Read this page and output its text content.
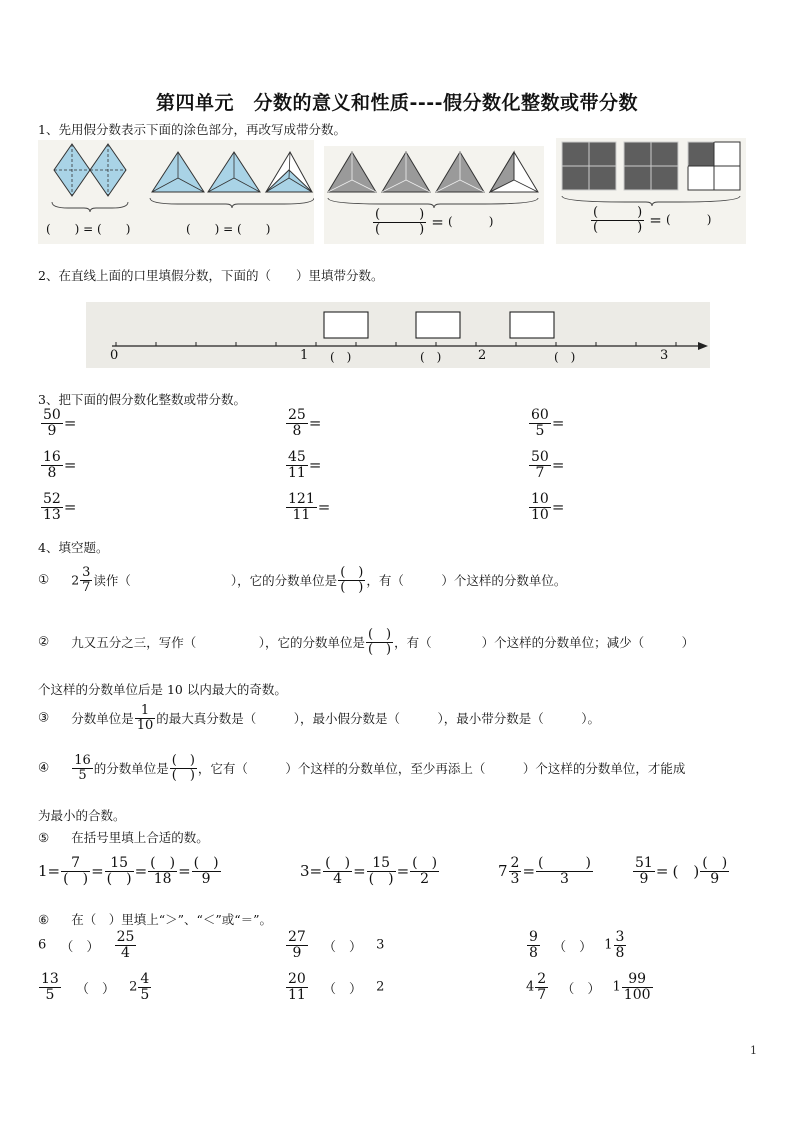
第四单元　分数的意义和性质----假分数化整数或带分数
1、先用假分数表示下面的涂色部分，再改写成带分数。
(　　) = (　　)	(　　) = (　　)	$\frac{( )}{( )}$ = (　　　)	$\frac{( )}{( )}$ = (　　　)
2、在直线上面的口里填假分数，下面的（　　）里填带分数。
0	1	2	3
(　)	(　)	(　)
3、把下面的假分数化整数或带分数。
$\frac{50}{9}$ =	$\frac{25}{8}$ =	$\frac{60}{5}$ =
$\frac{16}{8}$ =	$\frac{45}{11}$ =	$\frac{50}{7}$ =
$\frac{52}{13}$ =	$\frac{121}{11}$ =	$\frac{10}{10}$ =
4、填空题。
① $2 \frac{3}{7}$ 读作（　　　　　　　　），它的分数单位是 $\frac{( )}{( )}$ ，有（　　　）个这样的分数单位。
② 九又五分之三，写作（　　　　　），它的分数单位是 $\frac{( )}{( )}$ ，有（　　　　）个这样的分数单位；减少（　　　）
个这样的分数单位后是 10 以内最大的奇数。
③ 分数单位是 $\frac{1}{10}$ 的最大真分数是（　　　），最小假分数是（　　　），最小带分数是（　　　）。
④ $\frac{16}{5}$ 的分数单位是 $\frac{( )}{( )}$ ，它有（　　　）个这样的分数单位，至少再添上（　　　）个这样的分数单位，才能成
为最小的合数。
⑤ 在括号里填上合适的数。
$1= \frac{7}{( )} = \frac{15}{( )} = \frac{( )}{18} = \frac{( )}{9}$	$3= \frac{( )}{4} = \frac{15}{( )} = \frac{( )}{2}$	$7 \frac{2}{3} = \frac{( )}{3}$	$\frac{51}{9}$ = (　) $\frac{( )}{9}$
⑥ 在（　）里填上“＞”、“＜”或“＝”。
6 （　） $\frac{25}{4}$	$\frac{27}{9}$ （　） 3	$\frac{9}{8}$ （　） $1 \frac{3}{8}$
$\frac{13}{5}$ （　） $2 \frac{4}{5}$	$\frac{20}{11}$ （　） 2	$4 \frac{2}{7}$ （　） $1 \frac{99}{100}$
1
